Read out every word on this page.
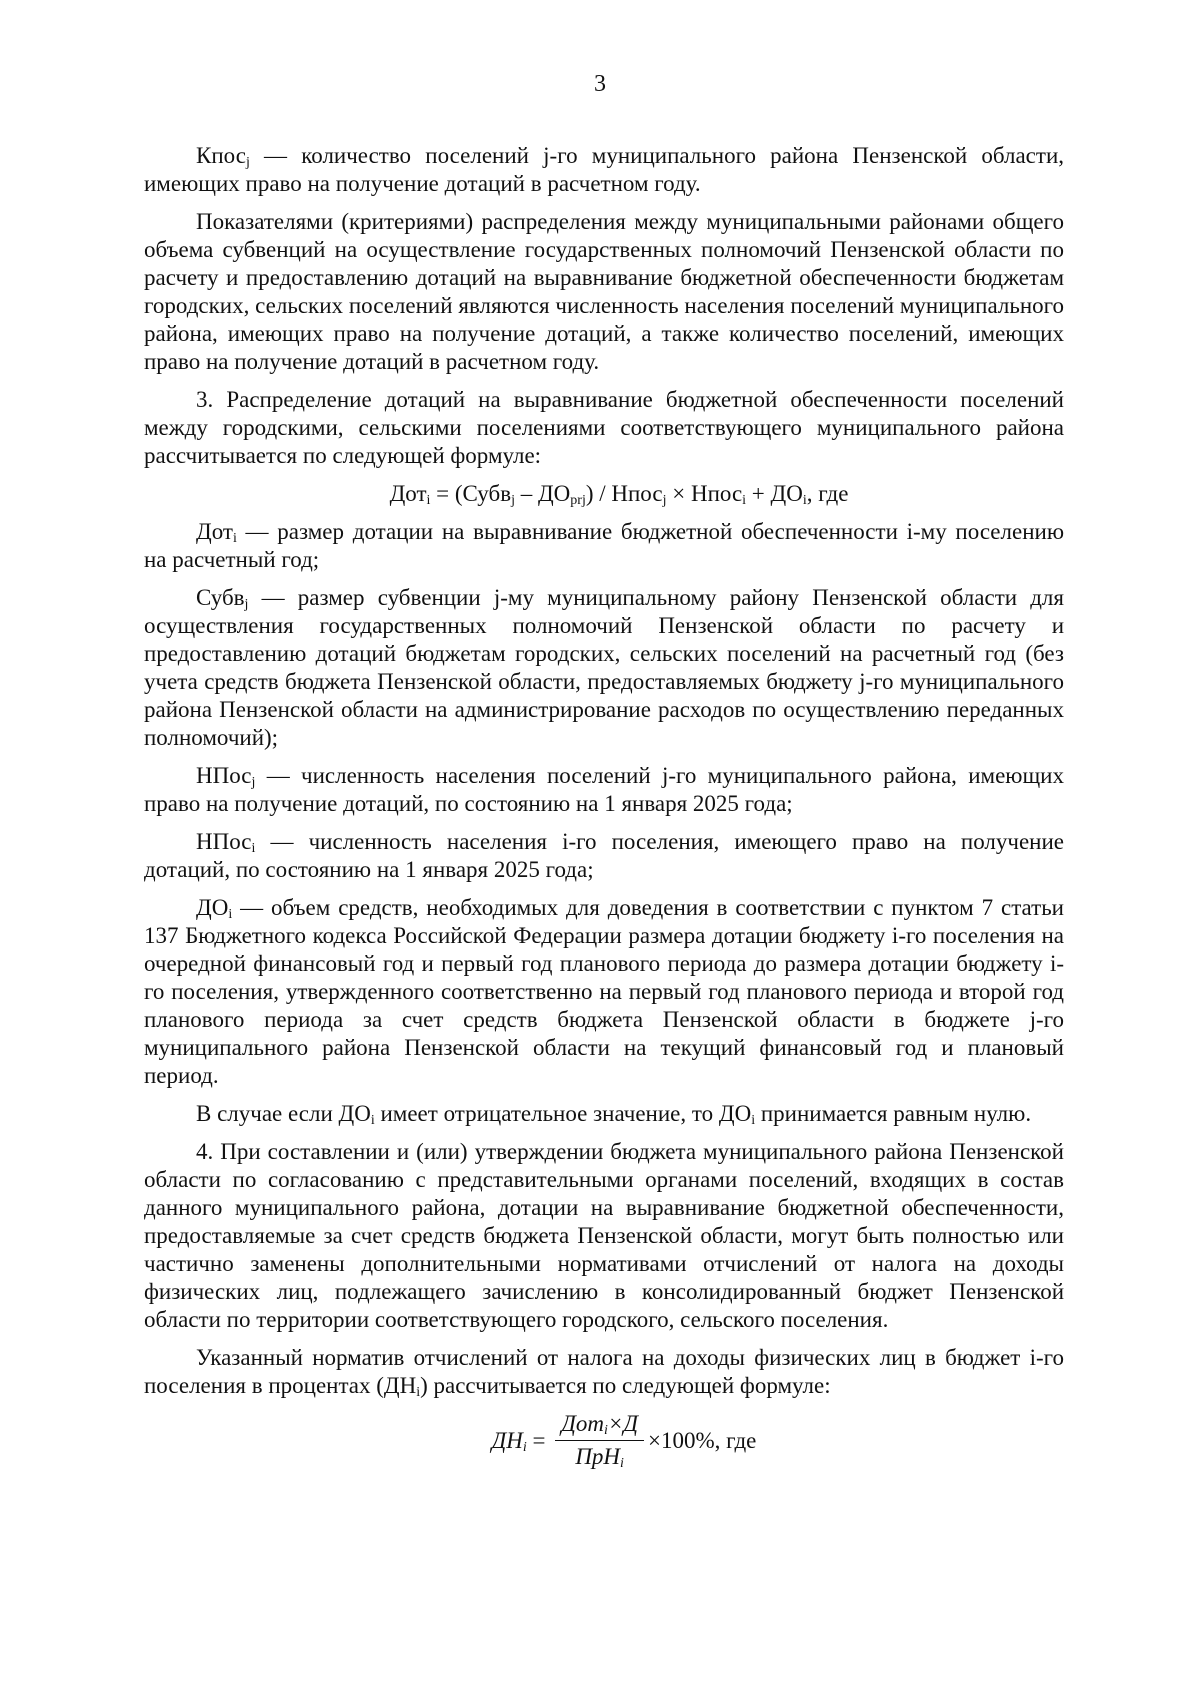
3

Кпос$_j$ — количество поселений j-го муниципального района Пензенской области, имеющих право на получение дотаций в расчетном году.

Показателями (критериями) распределения между муниципальными районами общего объема субвенций на осуществление государственных полномочий Пензенской области по расчету и предоставлению дотаций на выравнивание бюджетной обеспеченности бюджетам городских, сельских поселений являются численность населения поселений муниципального района, имеющих право на получение дотаций, а также количество поселений, имеющих право на получение дотаций в расчетном году.

3. Распределение дотаций на выравнивание бюджетной обеспеченности поселений между городскими, сельскими поселениями соответствующего муниципального района рассчитывается по следующей формуле:

Дот$_i$ = (Субв$_j$ – $ДО_{prj}$) / Нпос$_j$ × Нпос$_i$ + $ДО_i$, где

Дот$_i$ — размер дотации на выравнивание бюджетной обеспеченности i-му поселению на расчетный год;

Субв$_j$ — размер субвенции j-му муниципальному району Пензенской области для осуществления государственных полномочий Пензенской области по расчету и предоставлению дотаций бюджетам городских, сельских поселений на расчетный год (без учета средств бюджета Пензенской области, предоставляемых бюджету j-го муниципального района Пензенской области на администрирование расходов по осуществлению переданных полномочий);

НПос$_j$ — численность населения поселений j-го муниципального района, имеющих право на получение дотаций, по состоянию на 1 января 2025 года;

НПос$_i$ — численность населения i-го поселения, имеющего право на получение дотаций, по состоянию на 1 января 2025 года;

$ДО_i$ — объем средств, необходимых для доведения в соответствии с пунктом 7 статьи 137 Бюджетного кодекса Российской Федерации размера дотации бюджету i-го поселения на очередной финансовый год и первый год планового периода до размера дотации бюджету i-го поселения, утвержденного соответственно на первый год планового периода и второй год планового периода за счет средств бюджета Пензенской области в бюджете j-го муниципального района Пензенской области на текущий финансовый год и плановый период.

В случае если $ДО_i$ имеет отрицательное значение, то $ДО_i$ принимается равным нулю.

4. При составлении и (или) утверждении бюджета муниципального района Пензенской области по согласованию с представительными органами поселений, входящих в состав данного муниципального района, дотации на выравнивание бюджетной обеспеченности, предоставляемые за счет средств бюджета Пензенской области, могут быть полностью или частично заменены дополнительными нормативами отчислений от налога на доходы физических лиц, подлежащего зачислению в консолидированный бюджет Пензенской области по территории соответствующего городского, сельского поселения.

Указанный норматив отчислений от налога на доходы физических лиц в бюджет i-го поселения в процентах $(ДН_i)$ рассчитывается по следующей формуле:

$ДН_i = \frac{Дот_i\times Д}{ПрН_i} \times 100\%$, где
